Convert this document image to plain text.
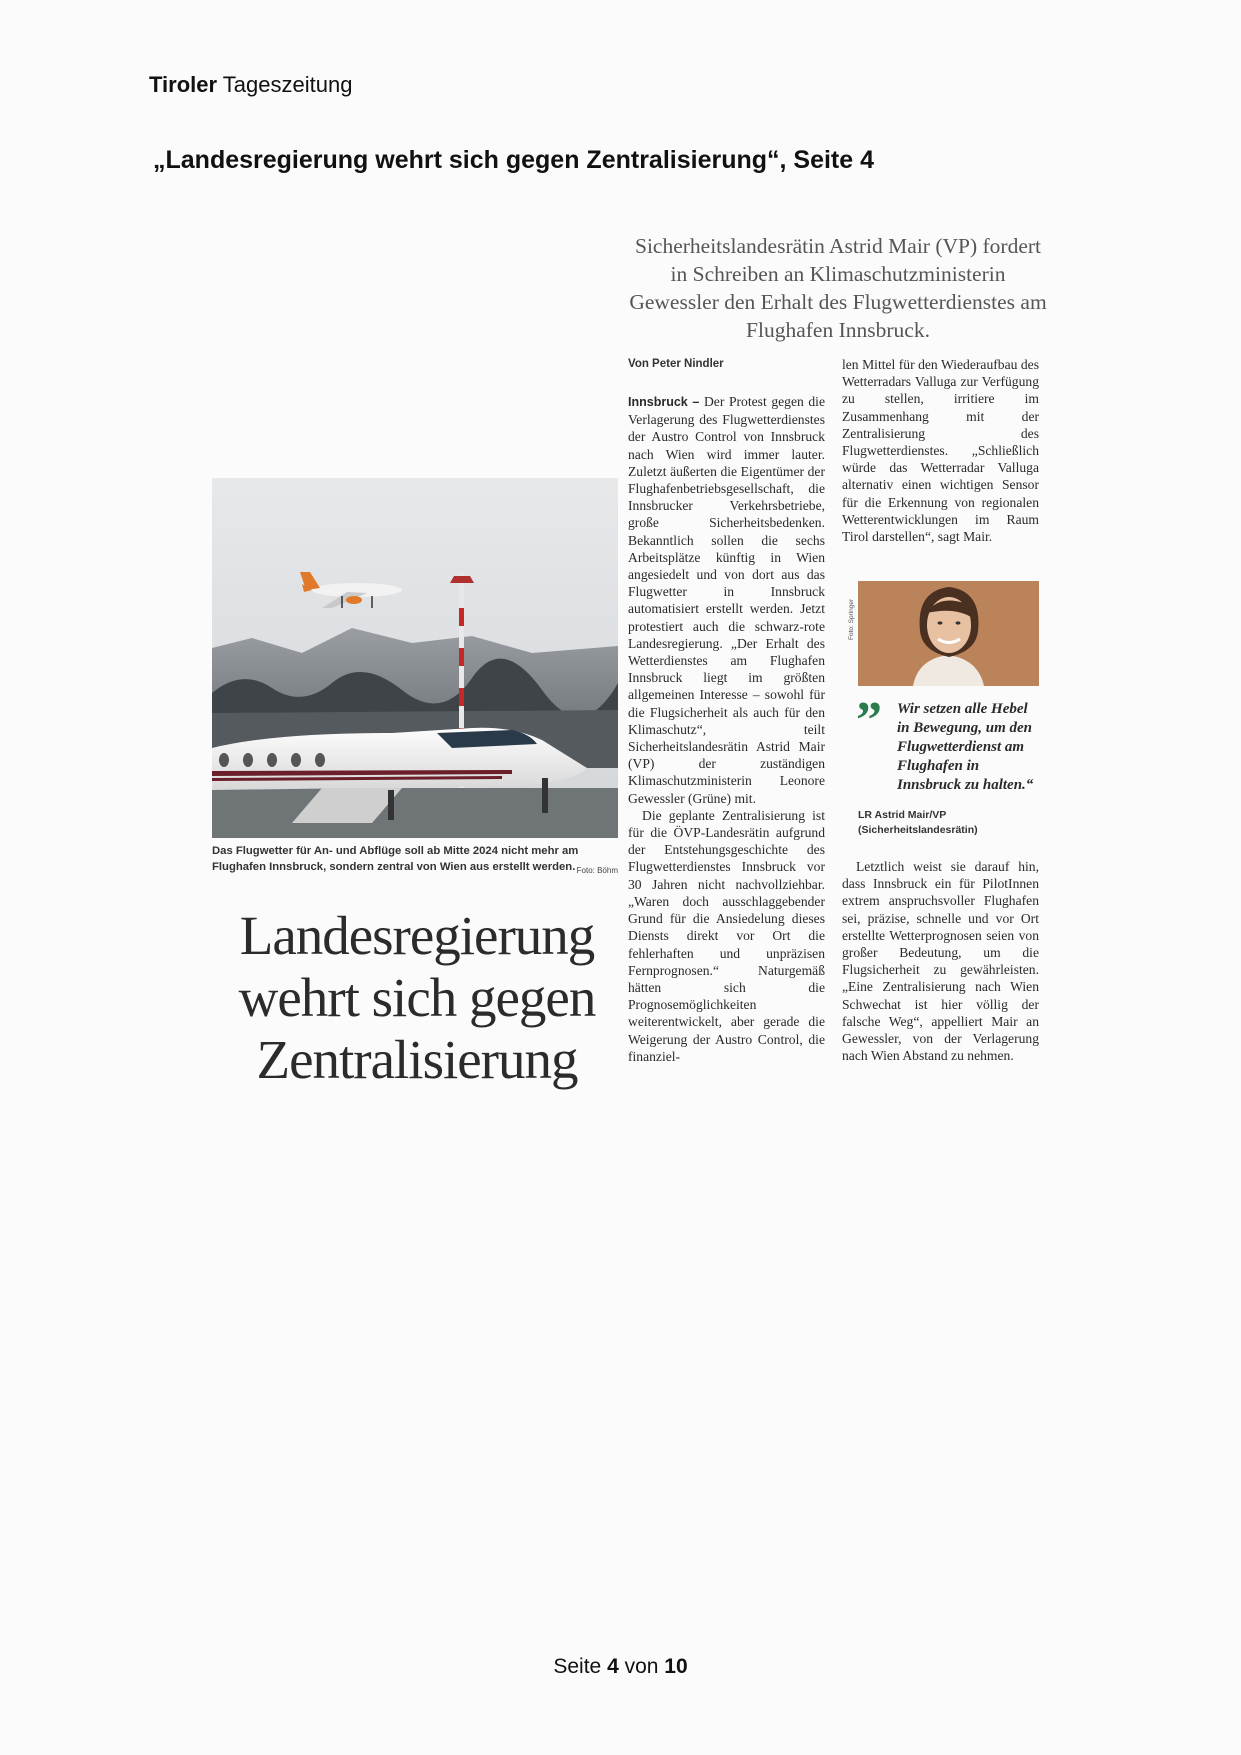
Tiroler Tageszeitung
„Landesregierung wehrt sich gegen Zentralisierung“, Seite 4
Sicherheitslandesrätin Astrid Mair (VP) fordert in Schreiben an Klimaschutzministerin Gewessler den Erhalt des Flugwetterdienstes am Flughafen Innsbruck.
Das Flugwetter für An- und Abflüge soll ab Mitte 2024 nicht mehr am Flughafen Innsbruck, sondern zentral von Wien aus erstellt werden. Foto: Böhm
Landesregierung
wehrt sich gegen
Zentralisierung
Von Peter Nindler

Innsbruck – Der Protest gegen die Verlagerung des Flugwetterdienstes der Austro Control von Innsbruck nach Wien wird immer lauter. Zuletzt äußerten die Eigentümer der Flughafenbetriebsgesellschaft, die Innsbrucker Verkehrsbetriebe, große Sicherheitsbedenken. Bekanntlich sollen die sechs Arbeitsplätze künftig in Wien angesiedelt und von dort aus das Flugwetter in Innsbruck automatisiert erstellt werden. Jetzt protestiert auch die schwarz-rote Landesregierung. „Der Erhalt des Wetterdienstes am Flughafen Innsbruck liegt im größten allgemeinen Interesse – sowohl für die Flugsicherheit als auch für den Klimaschutz“, teilt Sicherheitslandesrätin Astrid Mair (VP) der zuständigen Klimaschutzministerin Leonore Gewessler (Grüne) mit.

Die geplante Zentralisierung ist für die ÖVP-Landesrätin aufgrund der Entstehungsgeschichte des Flugwetterdienstes Innsbruck vor 30 Jahren nicht nachvollziehbar. „Waren doch ausschlaggebender Grund für die Ansiedelung dieses Diensts direkt vor Ort die fehlerhaften und unpräzisen Fernprognosen.“ Naturgemäß hätten sich die Prognosemöglichkeiten weiterentwickelt, aber gerade die Weigerung der Austro Control, die finanziel-

len Mittel für den Wiederaufbau des Wetterradars Valluga zur Verfügung zu stellen, irritiere im Zusammenhang mit der Zentralisierung des Flugwetterdienstes. „Schließlich würde das Wetterradar Valluga alternativ einen wichtigen Sensor für die Erkennung von regionalen Wetterentwicklungen im Raum Tirol darstellen“, sagt Mair.

Foto: Springer
” Wir setzen alle Hebel in Bewegung, um den Flugwetterdienst am Flughafen in Innsbruck zu halten.“
LR Astrid Mair/VP
(Sicherheitslandesrätin)

Letztlich weist sie darauf hin, dass Innsbruck ein für PilotInnen extrem anspruchsvoller Flughafen sei, präzise, schnelle und vor Ort erstellte Wetterprognosen seien von großer Bedeutung, um die Flugsicherheit zu gewährleisten. „Eine Zentralisierung nach Wien Schwechat ist hier völlig der falsche Weg“, appelliert Mair an Gewessler, von der Verlagerung nach Wien Abstand zu nehmen.

Seite 4 von 10
